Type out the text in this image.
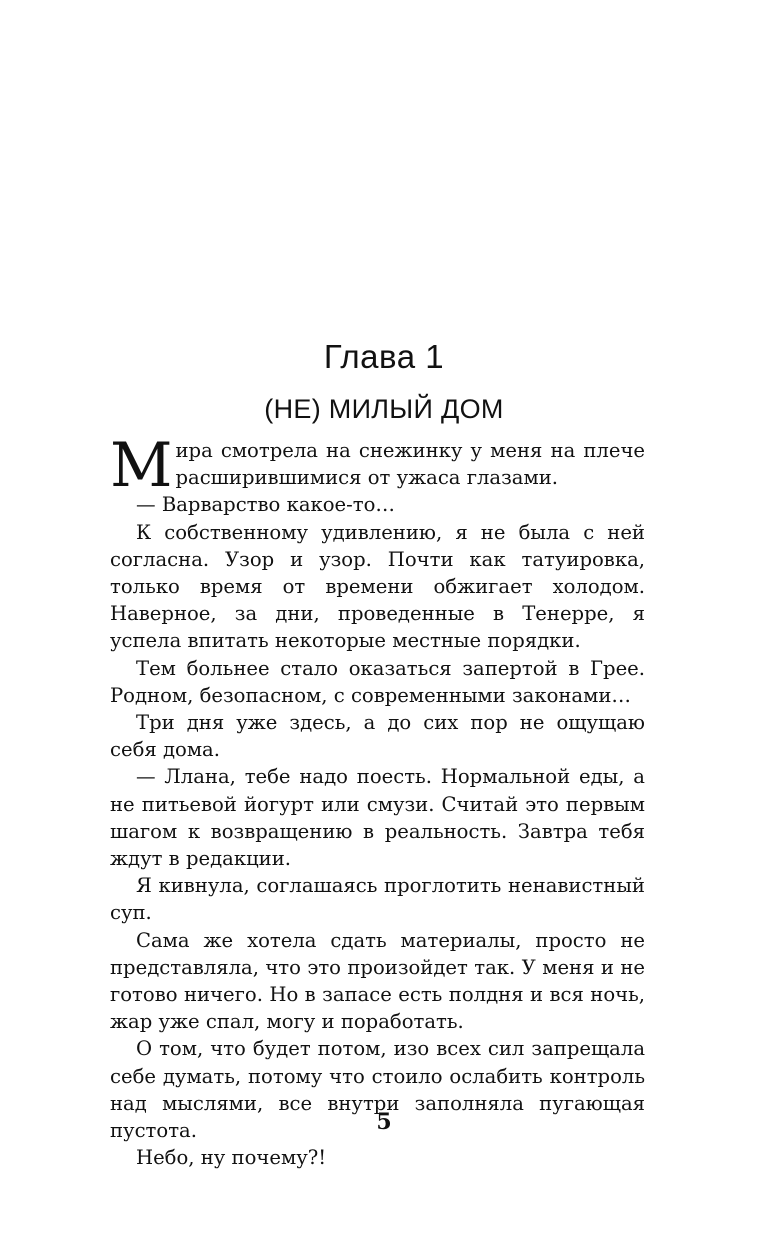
Глава 1
(НЕ) МИЛЫЙ ДОМ

Мира смотрела на снежинку у меня на плече расширившимися от ужаса глазами.

— Варварство какое-то…

К собственному удивлению, я не была с ней согласна. Узор и узор. Почти как татуировка, только время от времени обжигает холодом. Наверное, за дни, проведенные в Тенерре, я успела впитать некоторые местные порядки.

Тем больнее стало оказаться запертой в Грее. Родном, безопасном, с современными законами…

Три дня уже здесь, а до сих пор не ощущаю себя дома.

— Ллана, тебе надо поесть. Нормальной еды, а не питьевой йогурт или смузи. Считай это первым шагом к возвращению в реальность. Завтра тебя ждут в редакции.

Я кивнула, соглашаясь проглотить ненавистный суп.

Сама же хотела сдать материалы, просто не представляла, что это произойдет так. У меня и не готово ничего. Но в запасе есть полдня и вся ночь, жар уже спал, могу и поработать.

О том, что будет потом, изо всех сил запрещала себе думать, потому что стоило ослабить контроль над мыслями, все внутри заполняла пугающая пустота.

Небо, ну почему?!

5
